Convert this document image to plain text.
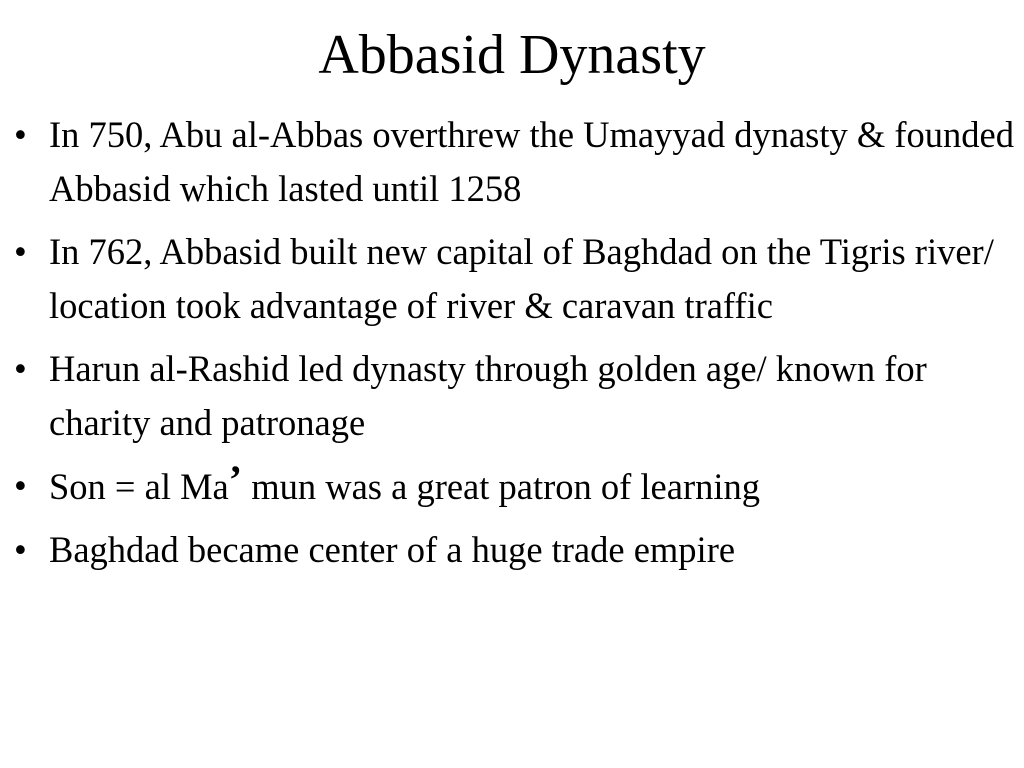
Abbasid Dynasty
• In 750, Abu al-Abbas overthrew the Umayyad dynasty & founded Abbasid which lasted until 1258
• In 762, Abbasid built new capital of Baghdad on the Tigris river/ location took advantage of river & caravan traffic
• Harun al-Rashid led dynasty through golden age/ known for charity and patronage
• Son = al Ma’ mun was a great patron of learning
• Baghdad became center of a huge trade empire
